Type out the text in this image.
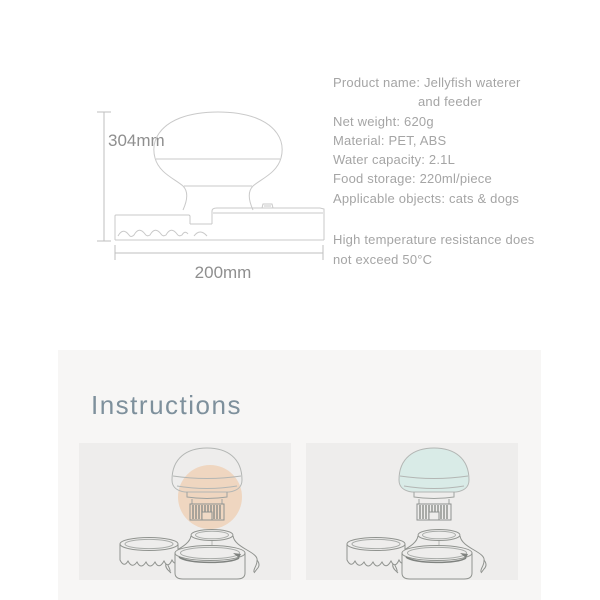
304mm
200mm
Product name: Jellyfish waterer
and feeder
Net weight: 620g
Material: PET, ABS
Water capacity: 2.1L
Food storage: 220ml/piece
Applicable objects: cats & dogs
High temperature resistance does
not exceed 50°C
Instructions
